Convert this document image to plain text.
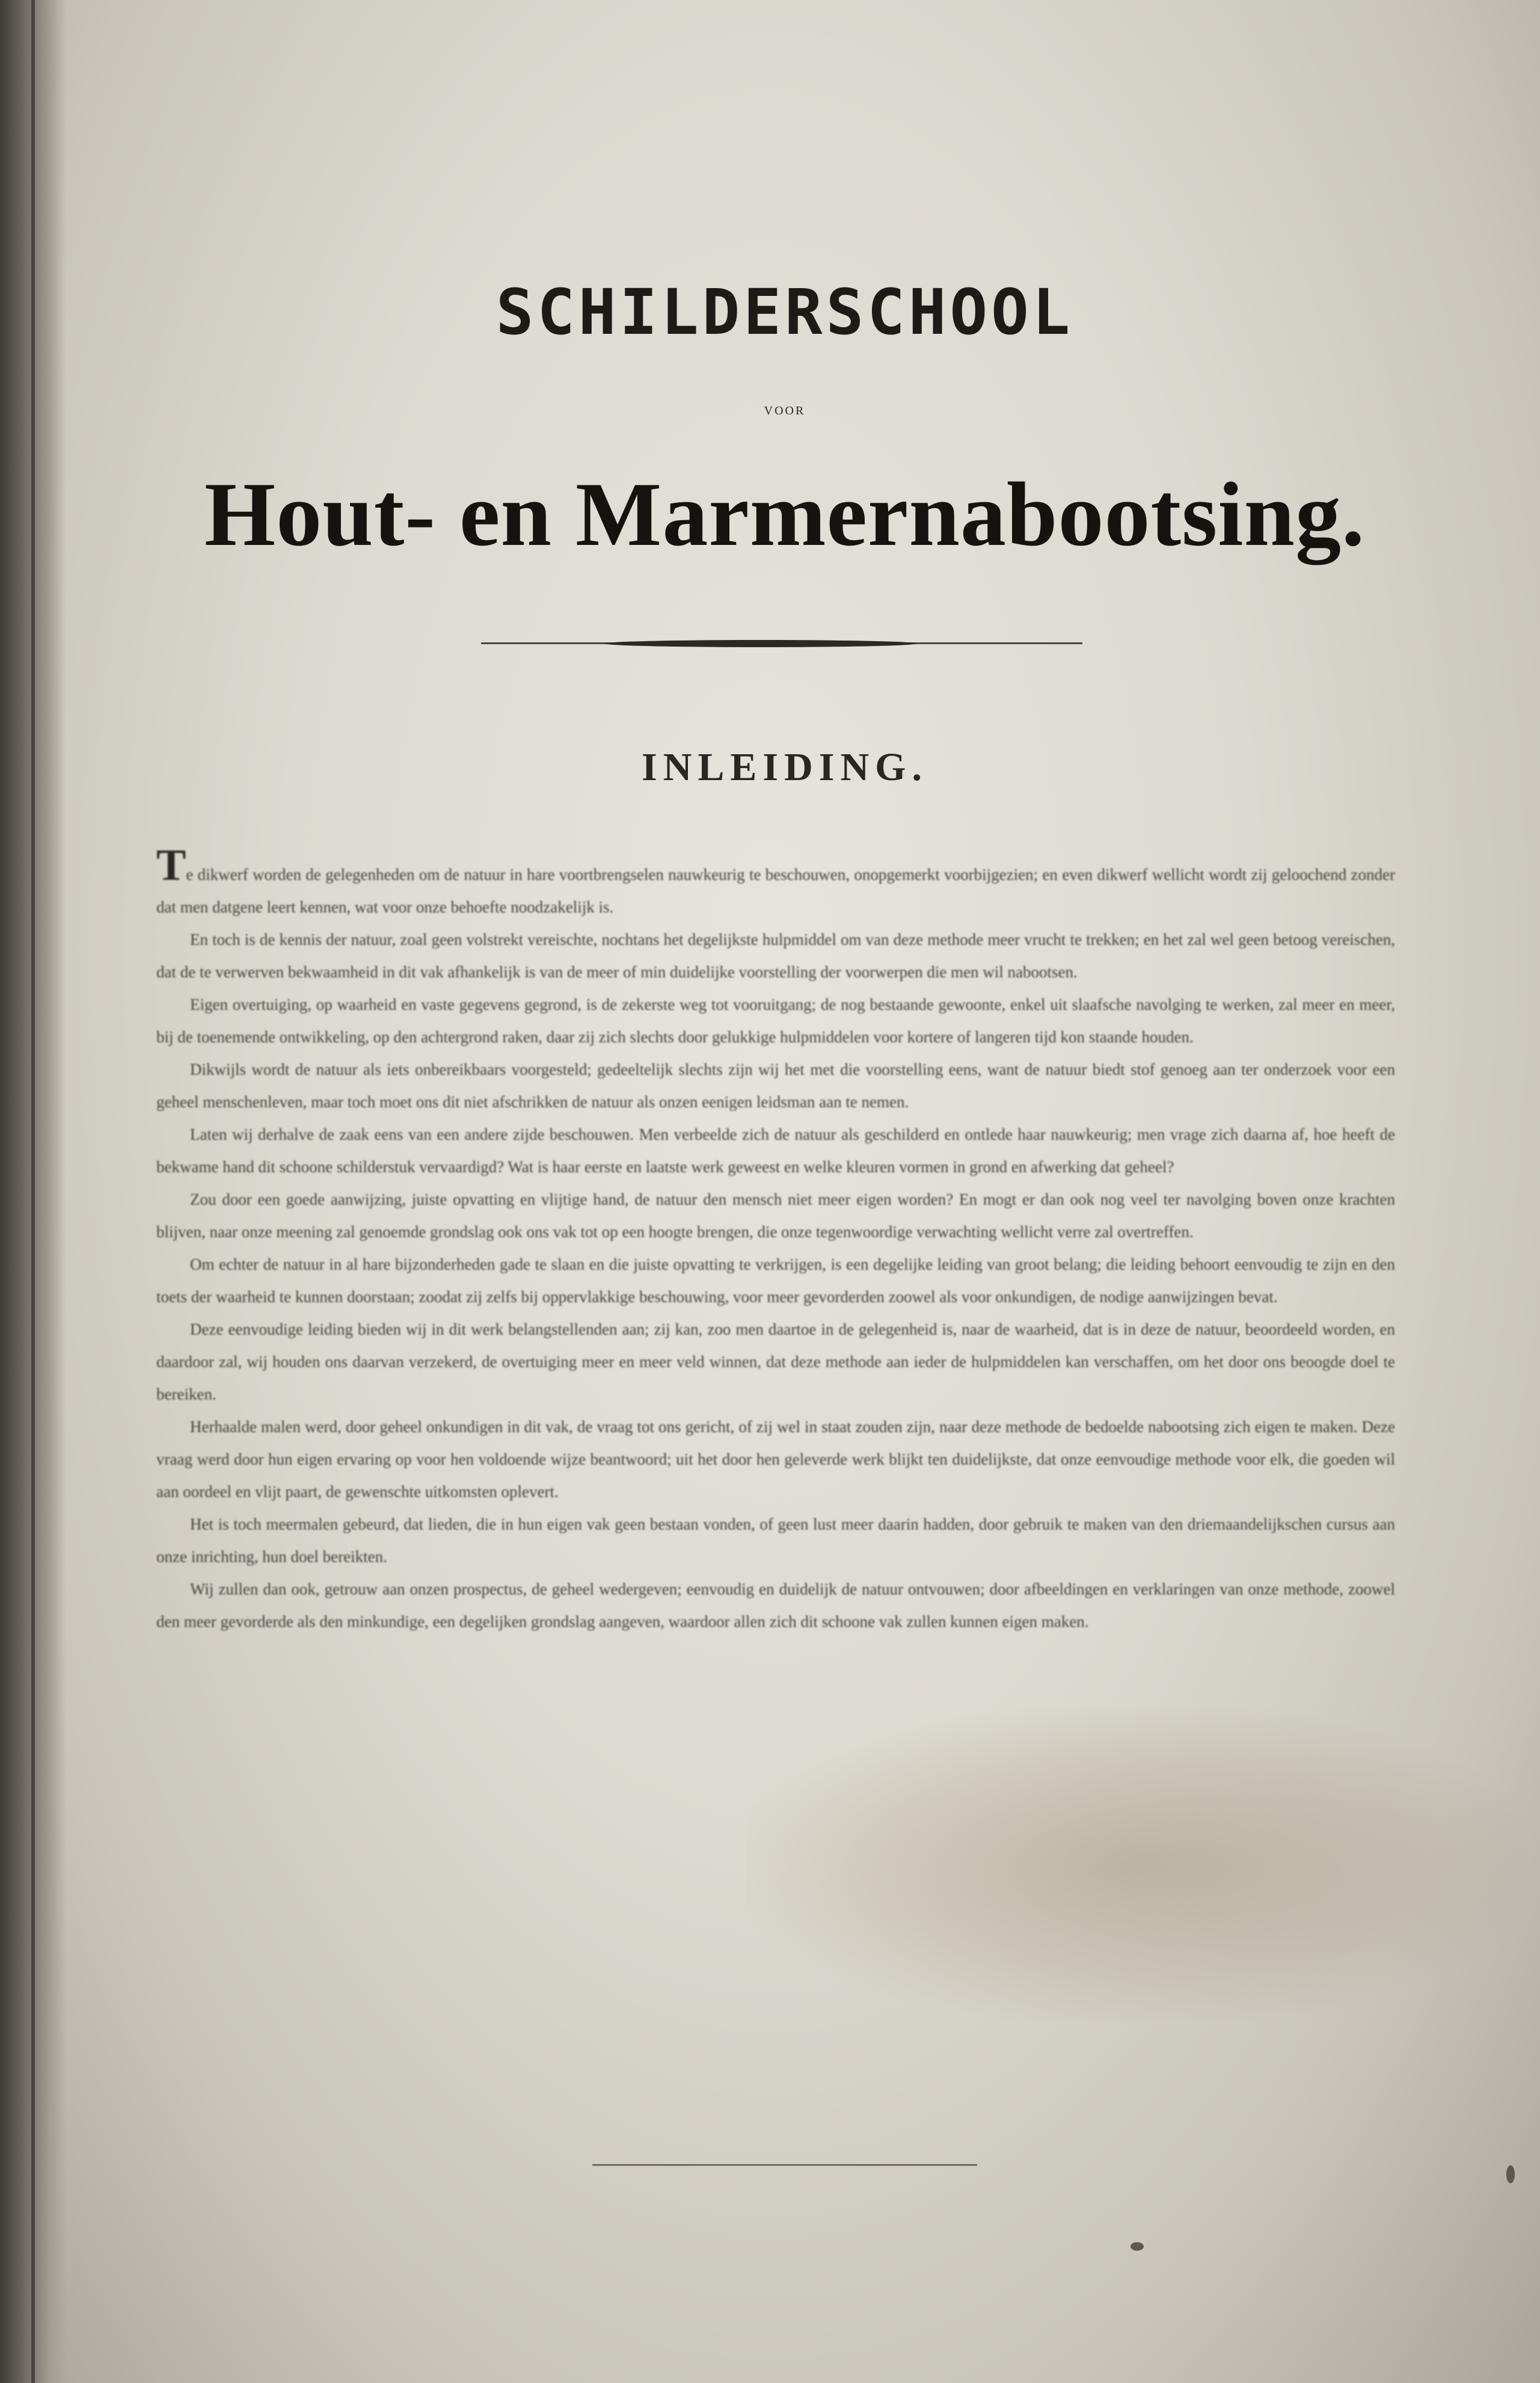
SCHILDERSCHOOL
VOOR
Hout- en Marmernabootsing.
INLEIDING.

Te dikwerf worden de gelegenheden om de natuur in hare voortbrengselen nauwkeurig te beschouwen, onopgemerkt voorbijgezien; en even dikwerf wellicht wordt zij geloochend zonder dat men datgene leert kennen, wat voor onze behoefte noodzakelijk is.

En toch is de kennis der natuur, zoal geen volstrekt vereischte, nochtans het degelijkste hulpmiddel om van deze methode meer vrucht te trekken; en het zal wel geen betoog vereischen, dat de te verwerven bekwaamheid in dit vak afhankelijk is van de meer of min duidelijke voorstelling der voorwerpen die men wil nabootsen.

Eigen overtuiging, op waarheid en vaste gegevens gegrond, is de zekerste weg tot vooruitgang; de nog bestaande gewoonte, enkel uit slaafsche navolging te werken, zal meer en meer, bij de toenemende ontwikkeling, op den achtergrond raken, daar zij zich slechts door gelukkige hulpmiddelen voor kortere of langeren tijd kon staande houden.

Dikwijls wordt de natuur als iets onbereikbaars voorgesteld; gedeeltelijk slechts zijn wij het met die voorstelling eens, want de natuur biedt stof genoeg aan ter onderzoek voor een geheel menschenleven, maar toch moet ons dit niet afschrikken de natuur als onzen eenigen leidsman aan te nemen.

Laten wij derhalve de zaak eens van een andere zijde beschouwen. Men verbeelde zich de natuur als geschilderd en ontlede haar nauwkeurig; men vrage zich daarna af, hoe heeft de bekwame hand dit schoone schilderstuk vervaardigd? Wat is haar eerste en laatste werk geweest en welke kleuren vormen in grond en afwerking dat geheel?

Zou door een goede aanwijzing, juiste opvatting en vlijtige hand, de natuur den mensch niet meer eigen worden? En mogt er dan ook nog veel ter navolging boven onze krachten blijven, naar onze meening zal genoemde grondslag ook ons vak tot op een hoogte brengen, die onze tegenwoordige verwachting wellicht verre zal overtreffen.

Om echter de natuur in al hare bijzonderheden gade te slaan en die juiste opvatting te verkrijgen, is een degelijke leiding van groot belang; die leiding behoort eenvoudig te zijn en den toets der waarheid te kunnen doorstaan; zoodat zij zelfs bij oppervlakkige beschouwing, voor meer gevorderden zoowel als voor onkundigen, de nodige aanwijzingen bevat.

Deze eenvoudige leiding bieden wij in dit werk belangstellenden aan; zij kan, zoo men daartoe in de gelegenheid is, naar de waarheid, dat is in deze de natuur, beoordeeld worden, en daardoor zal, wij houden ons daarvan verzekerd, de overtuiging meer en meer veld winnen, dat deze methode aan ieder de hulpmiddelen kan verschaffen, om het door ons beoogde doel te bereiken.

Herhaalde malen werd, door geheel onkundigen in dit vak, de vraag tot ons gericht, of zij wel in staat zouden zijn, naar deze methode de bedoelde nabootsing zich eigen te maken. Deze vraag werd door hun eigen ervaring op voor hen voldoende wijze beantwoord; uit het door hen geleverde werk blijkt ten duidelijkste, dat onze eenvoudige methode voor elk, die goeden wil aan oordeel en vlijt paart, de gewenschte uitkomsten oplevert.

Het is toch meermalen gebeurd, dat lieden, die in hun eigen vak geen bestaan vonden, of geen lust meer daarin hadden, door gebruik te maken van den driemaandelijkschen cursus aan onze inrichting, hun doel bereikten.

Wij zullen dan ook, getrouw aan onzen prospectus, de geheel wedergeven; eenvoudig en duidelijk de natuur ontvouwen; door afbeeldingen en verklaringen van onze methode, zoowel den meer gevorderde als den minkundige, een degelijken grondslag aangeven, waardoor allen zich dit schoone vak zullen kunnen eigen maken.
